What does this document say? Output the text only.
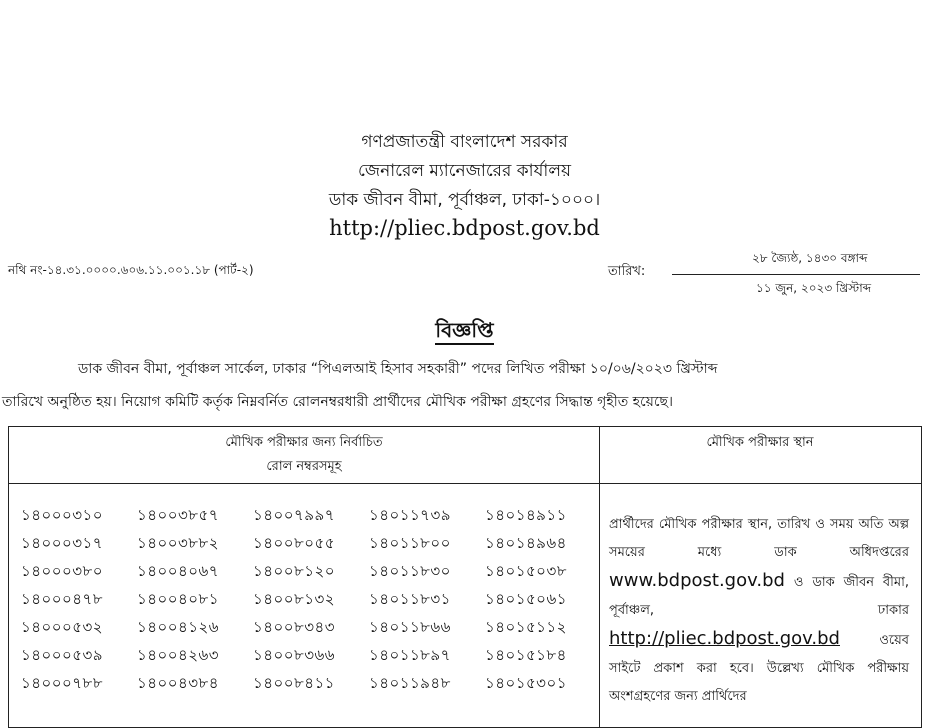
গণপ্রজাতন্ত্রী বাংলাদেশ সরকার
জেনারেল ম্যানেজারের কার্যালয়
ডাক জীবন বীমা, পূর্বাঞ্চল, ঢাকা-১০০০।
http://pliec.bdpost.gov.bd
নথি নং-১৪.৩১.০০০০.৬০৬.১১.০০১.১৮ (পার্ট-২)	তারিখ:
২৮ জ্যৈষ্ঠ, ১৪৩০ বঙ্গাব্দ
১১ জুন, ২০২৩ খ্রিস্টাব্দ
বিজ্ঞপ্তি
ডাক জীবন বীমা, পূর্বাঞ্চল সার্কেল, ঢাকার “পিএলআই হিসাব সহকারী” পদের লিখিত পরীক্ষা ১০/০৬/২০২৩ খ্রিস্টাব্দ
তারিখে অনুষ্ঠিত হয়। নিয়োগ কমিটি কর্তৃক নিম্নবর্নিত রোলনম্বরধারী প্রার্থীদের মৌখিক পরীক্ষা গ্রহণের সিদ্ধান্ত গৃহীত হয়েছে।
মৌখিক পরীক্ষার জন্য নির্বাচিত
রোল নম্বরসমূহ
মৌখিক পরীক্ষার স্থান
১৪০০০৩১০	১৪০০৩৮৫৭	১৪০০৭৯৯৭	১৪০১১৭৩৯	১৪০১৪৯১১
১৪০০০৩১৭	১৪০০৩৮৮২	১৪০০৮০৫৫	১৪০১১৮০০	১৪০১৪৯৬৪
১৪০০০৩৮০	১৪০০৪০৬৭	১৪০০৮১২০	১৪০১১৮৩০	১৪০১৫০৩৮
১৪০০০৪৭৮	১৪০০৪০৮১	১৪০০৮১৩২	১৪০১১৮৩১	১৪০১৫০৬১
১৪০০০৫৩২	১৪০০৪১২৬	১৪০০৮৩৪৩	১৪০১১৮৬৬	১৪০১৫১১২
১৪০০০৫৩৯	১৪০০৪২৬৩	১৪০০৮৩৬৬	১৪০১১৮৯৭	১৪০১৫১৮৪
১৪০০০৭৮৮	১৪০০৪৩৮৪	১৪০০৮৪১১	১৪০১১৯৪৮	১৪০১৫৩০১
প্রার্থীদের মৌখিক পরীক্ষার স্থান, তারিখ ও সময় অতি অল্প সময়ের মধ্যে ডাক অধিদপ্তরের www.bdpost.gov.bd ও ডাক জীবন বীমা, পূর্বাঞ্চল, ঢাকার http://pliec.bdpost.gov.bd	ওয়েব সাইটে প্রকাশ করা হবে। উল্লেখ্য মৌখিক পরীক্ষায় অংশগ্রহণের জন্য প্রার্থিদের
